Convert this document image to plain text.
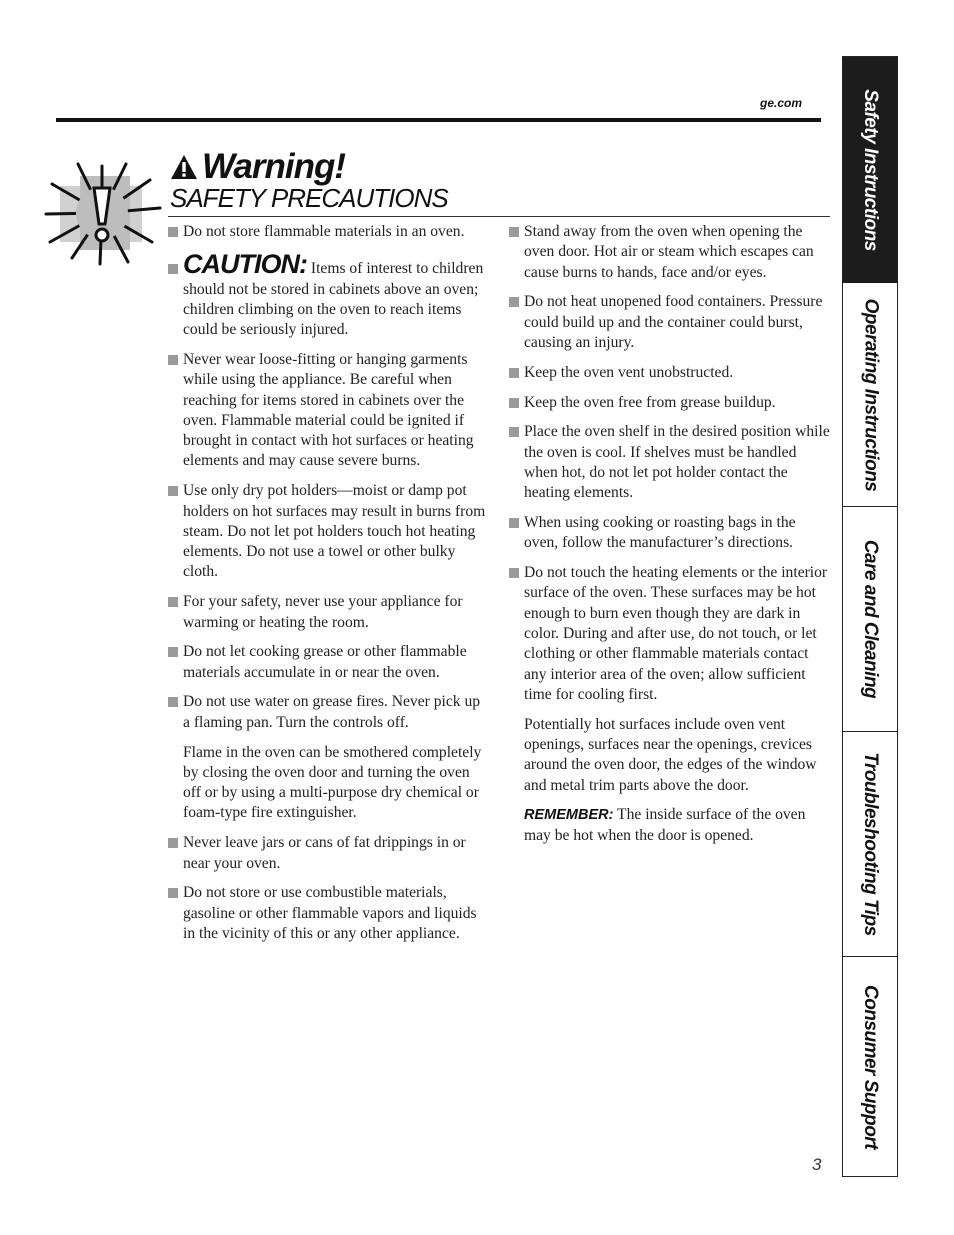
ge.com
Warning!
SAFETY PRECAUTIONS
Do not store flammable materials in an oven.
CAUTION: Items of interest to children should not be stored in cabinets above an oven; children climbing on the oven to reach items could be seriously injured.
Never wear loose-fitting or hanging garments while using the appliance. Be careful when reaching for items stored in cabinets over the oven. Flammable material could be ignited if brought in contact with hot surfaces or heating elements and may cause severe burns.
Use only dry pot holders—moist or damp pot holders on hot surfaces may result in burns from steam. Do not let pot holders touch hot heating elements. Do not use a towel or other bulky cloth.
For your safety, never use your appliance for warming or heating the room.
Do not let cooking grease or other flammable materials accumulate in or near the oven.
Do not use water on grease fires. Never pick up a flaming pan. Turn the controls off.
Flame in the oven can be smothered completely by closing the oven door and turning the oven off or by using a multi-purpose dry chemical or foam-type fire extinguisher.
Never leave jars or cans of fat drippings in or near your oven.
Do not store or use combustible materials, gasoline or other flammable vapors and liquids in the vicinity of this or any other appliance.
Stand away from the oven when opening the oven door. Hot air or steam which escapes can cause burns to hands, face and/or eyes.
Do not heat unopened food containers. Pressure could build up and the container could burst, causing an injury.
Keep the oven vent unobstructed.
Keep the oven free from grease buildup.
Place the oven shelf in the desired position while the oven is cool. If shelves must be handled when hot, do not let pot holder contact the heating elements.
When using cooking or roasting bags in the oven, follow the manufacturer’s directions.
Do not touch the heating elements or the interior surface of the oven. These surfaces may be hot enough to burn even though they are dark in color. During and after use, do not touch, or let clothing or other flammable materials contact any interior area of the oven; allow sufficient time for cooling first.
Potentially hot surfaces include oven vent openings, surfaces near the openings, crevices around the oven door, the edges of the window and metal trim parts above the door.
REMEMBER: The inside surface of the oven may be hot when the door is opened.
Safety Instructions
Operating Instructions
Care and Cleaning
Troubleshooting Tips
Consumer Support
3
